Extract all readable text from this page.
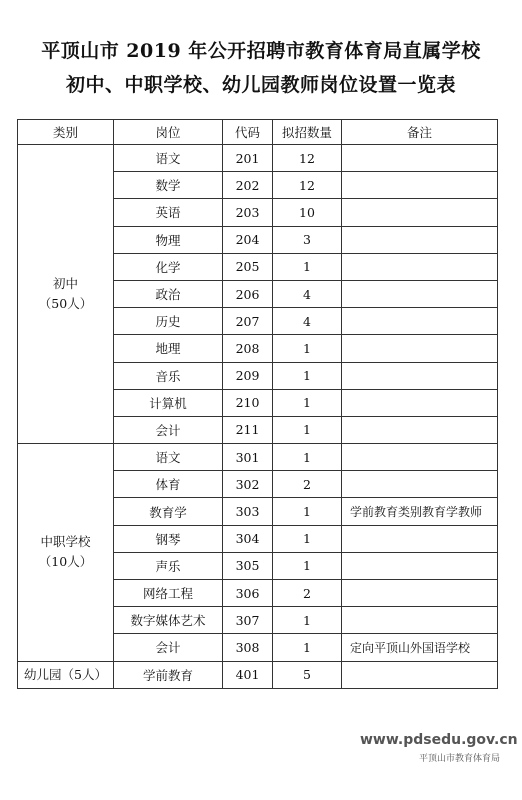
平顶山市 2019 年公开招聘市教育体育局直属学校
初中、中职学校、幼儿园教师岗位设置一览表
类别	岗位	代码	拟招数量	备注

初中
（50人）	语文	201	12	
	数学	202	12	
	英语	203	10	
	物理	204	3	
	化学	205	1	
	政治	206	4	
	历史	207	4	
	地理	208	1	
	音乐	209	1	
	计算机	210	1	
	会计	211	1	

中职学校
（10人）	语文	301	1	
	体育	302	2	
	教育学	303	1	学前教育类别教育学教师
	钢琴	304	1	
	声乐	305	1	
	网络工程	306	2	
	数字媒体艺术	307	1	
	会计	308	1	定向平顶山外国语学校

幼儿园（5人）	学前教育	401	5	
www.pdsedu.gov.cn
平顶山市教育体育局
